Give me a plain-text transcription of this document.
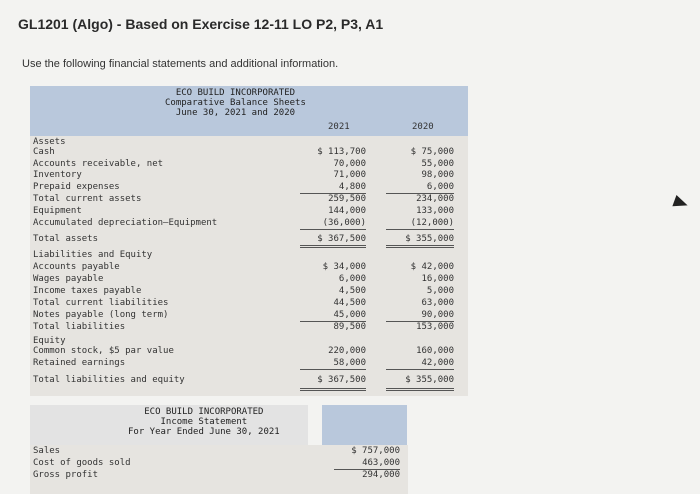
GL1201 (Algo) - Based on Exercise 12-11 LO P2, P3, A1
Use the following financial statements and additional information.
ECO BUILD INCORPORATED
Comparative Balance Sheets
June 30, 2021 and 2020
2021	2020
Assets
Cash	$ 113,700	$ 75,000
Accounts receivable, net	70,000	55,000
Inventory	71,000	98,000
Prepaid expenses	4,800	6,000
Total current assets	259,500	234,000
Equipment	144,000	133,000
Accumulated depreciation—Equipment	(36,000)	(12,000)
Total assets	$ 367,500	$ 355,000
Liabilities and Equity
Accounts payable	$ 34,000	$ 42,000
Wages payable	6,000	16,000
Income taxes payable	4,500	5,000
Total current liabilities	44,500	63,000
Notes payable (long term)	45,000	90,000
Total liabilities	89,500	153,000
Equity
Common stock, $5 par value	220,000	160,000
Retained earnings	58,000	42,000
Total liabilities and equity	$ 367,500	$ 355,000
ECO BUILD INCORPORATED
Income Statement
For Year Ended June 30, 2021
Sales	$ 757,000
Cost of goods sold	463,000
Gross profit	294,000
